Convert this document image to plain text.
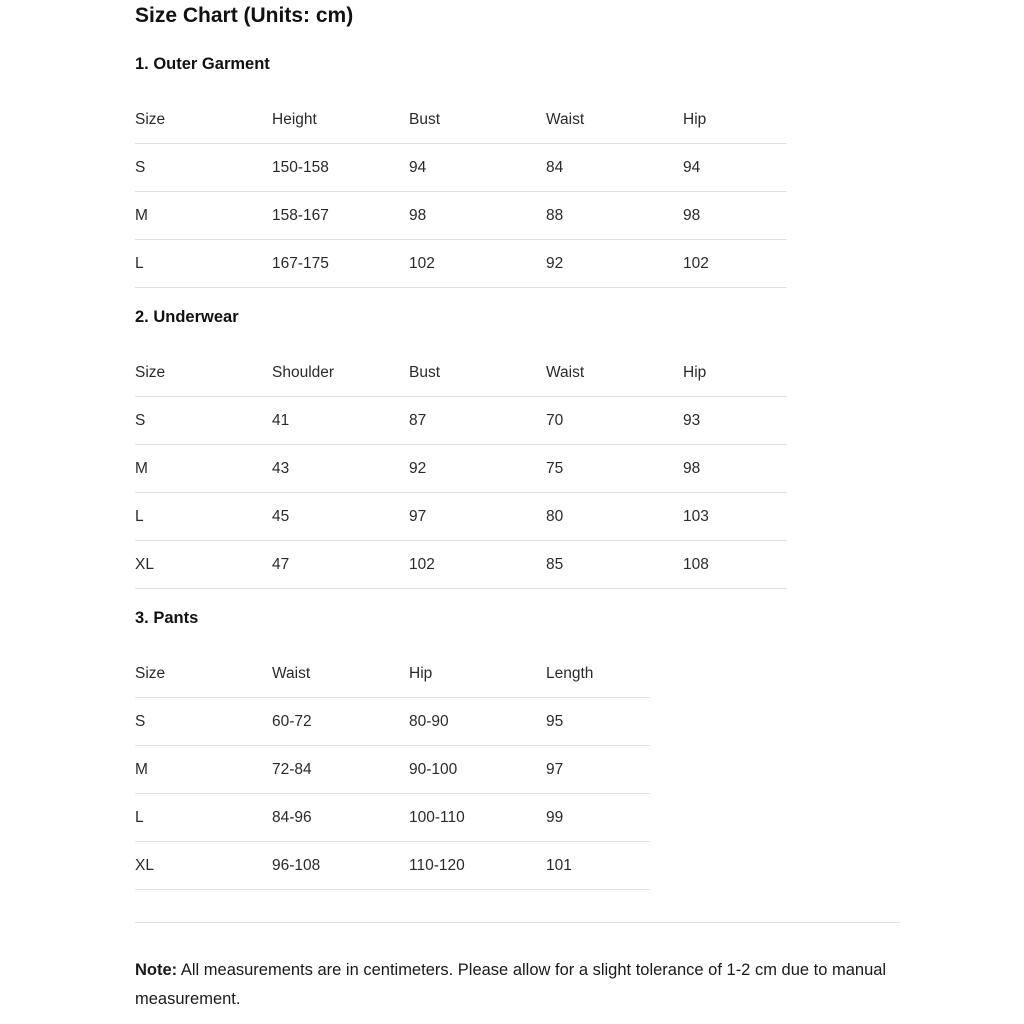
Size Chart (Units: cm)
1. Outer Garment
Size	Height	Bust	Waist	Hip
S	150-158	94	84	94
M	158-167	98	88	98
L	167-175	102	92	102
2. Underwear
Size	Shoulder	Bust	Waist	Hip
S	41	87	70	93
M	43	92	75	98
L	45	97	80	103
XL	47	102	85	108
3. Pants
Size	Waist	Hip	Length
S	60-72	80-90	95
M	72-84	90-100	97
L	84-96	100-110	99
XL	96-108	110-120	101
Note: All measurements are in centimeters. Please allow for a slight tolerance of 1-2 cm due to manual measurement.
